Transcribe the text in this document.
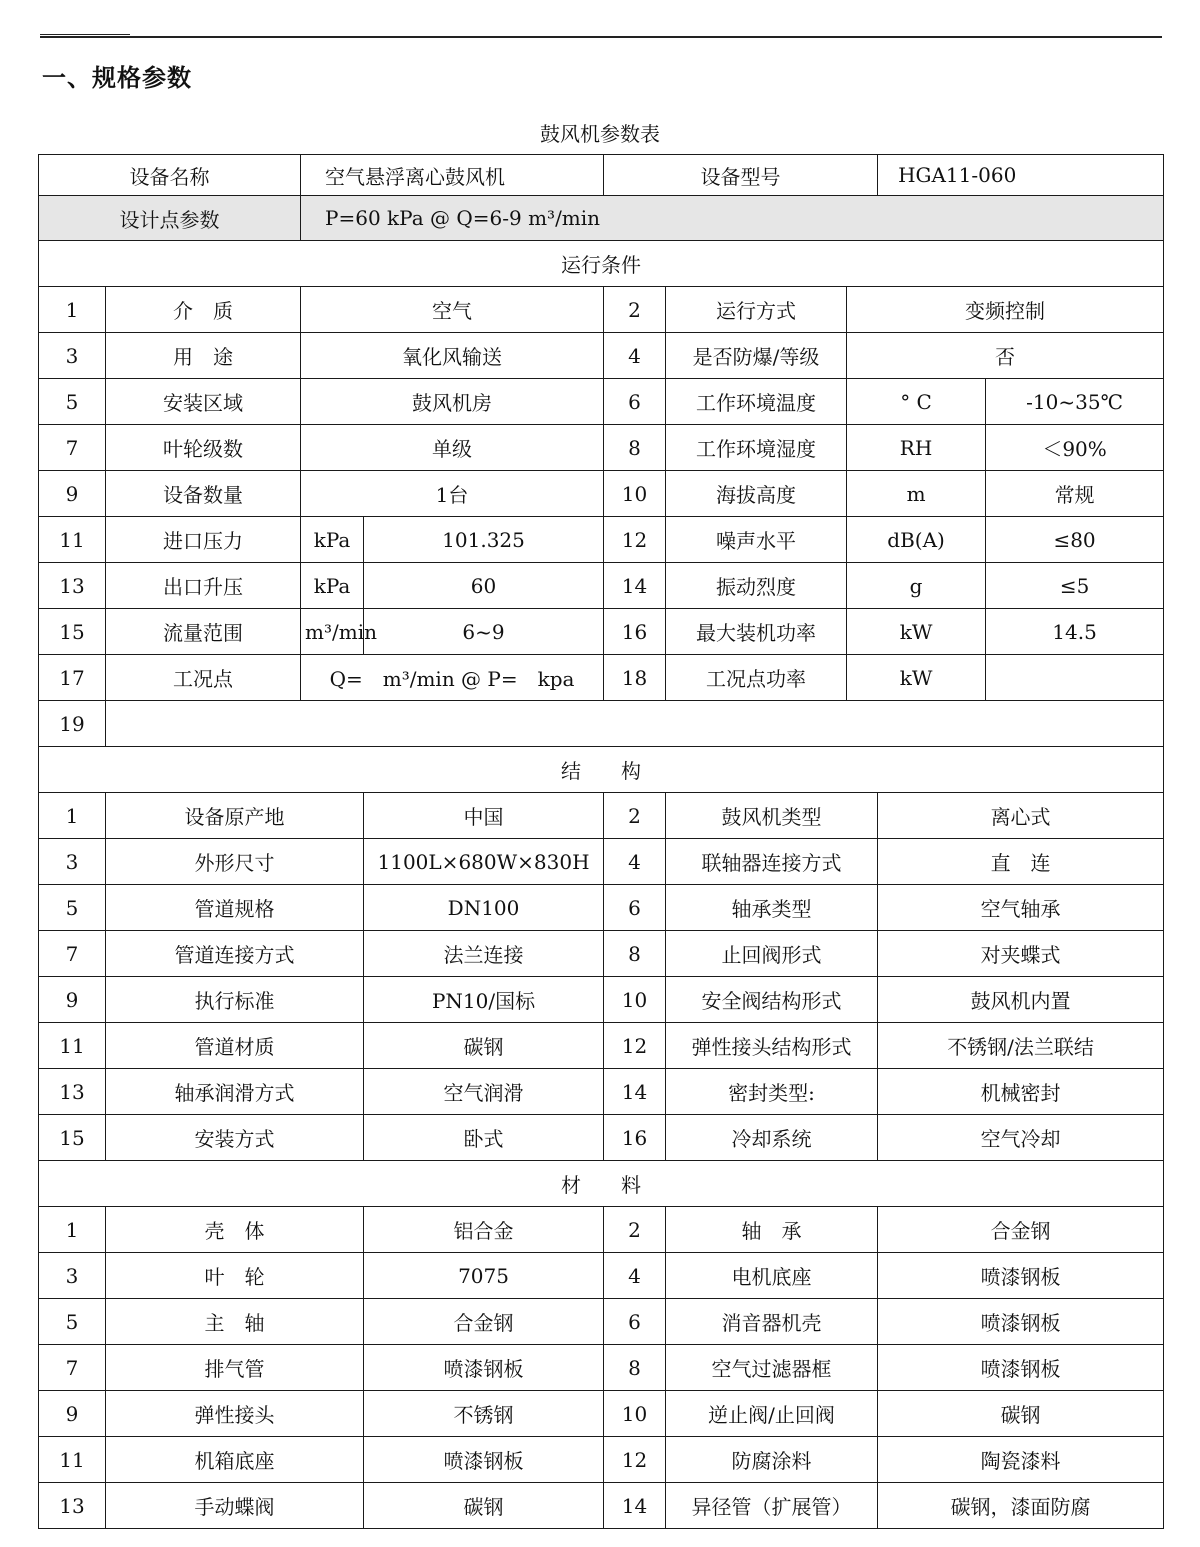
一、规格参数
鼓风机参数表
设备名称		空气悬浮离心鼓风机		设备型号			HGA11-060	
设计点参数		P=60 kPa @ Q=6-9 m³/min						
运行条件								
1	介　质	空气		2	运行方式	变频控制		
3	用　途	氧化风输送		4	是否防爆/等级	否		
5	安装区域	鼓风机房		6	工作环境温度	° C		-10~35℃
7	叶轮级数	单级		8	工作环境湿度	RH		＜90%
9	设备数量	1台		10	海拔高度	m		常规
11	进口压力	kPa	101.325	12	噪声水平	dB(A)		≤80
13	出口升压	kPa	60	14	振动烈度	g		≤5
15	流量范围	m³/min	6~9	16	最大装机功率	kW		14.5
17	工况点	Q=　m³/min @ P=　kpa		18	工况点功率	kW		
19								
结　　构								
1	设备原产地		中国	2	鼓风机类型		离心式	
3	外形尺寸		1100L×680W×830H	4	联轴器连接方式		直　连	
5	管道规格		DN100	6	轴承类型		空气轴承	
7	管道连接方式		法兰连接	8	止回阀形式		对夹蝶式	
9	执行标准		PN10/国标	10	安全阀结构形式		鼓风机内置	
11	管道材质		碳钢	12	弹性接头结构形式		不锈钢/法兰联结	
13	轴承润滑方式		空气润滑	14	密封类型:		机械密封	
15	安装方式		卧式	16	冷却系统		空气冷却	
材　　料								
1	壳　体		铝合金	2	轴　承		合金钢	
3	叶　轮		7075	4	电机底座		喷漆钢板	
5	主　轴		合金钢	6	消音器机壳		喷漆钢板	
7	排气管		喷漆钢板	8	空气过滤器框		喷漆钢板	
9	弹性接头		不锈钢	10	逆止阀/止回阀		碳钢	
11	机箱底座		喷漆钢板	12	防腐涂料		陶瓷漆料	
13	手动蝶阀		碳钢	14	异径管（扩展管）		碳钢，漆面防腐	
